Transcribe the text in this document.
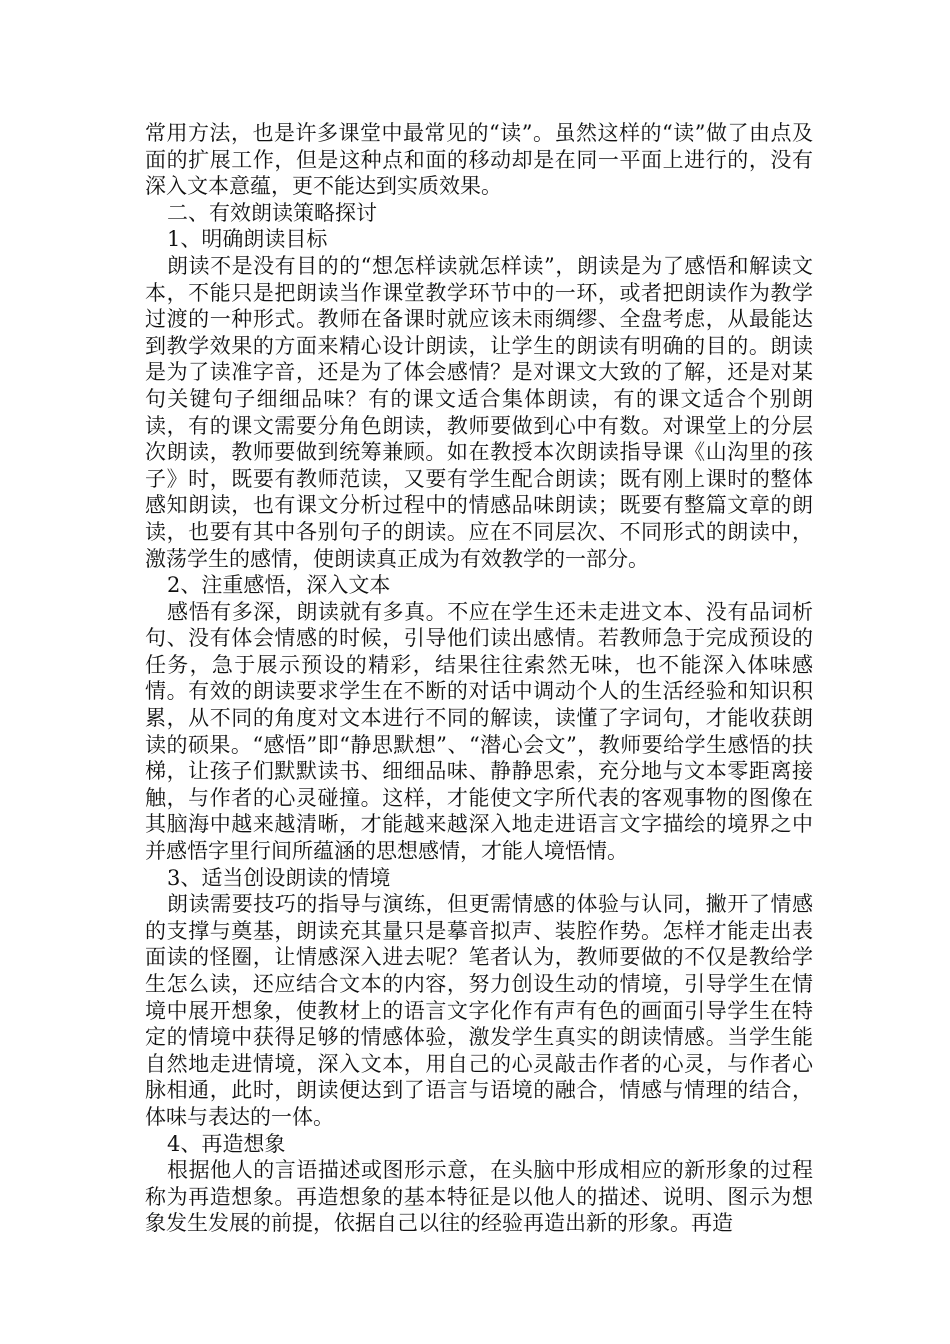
常用方法，也是许多课堂中最常见的“读”。虽然这样的“读”做了由点及面的扩展工作，但是这种点和面的移动却是在同一平面上进行的，没有深入文本意蕴，更不能达到实质效果。

二、有效朗读策略探讨

1、明确朗读目标

朗读不是没有目的的“想怎样读就怎样读”，朗读是为了感悟和解读文本，不能只是把朗读当作课堂教学环节中的一环，或者把朗读作为教学过渡的一种形式。教师在备课时就应该未雨绸缪、全盘考虑，从最能达到教学效果的方面来精心设计朗读，让学生的朗读有明确的目的。朗读是为了读准字音，还是为了体会感情？是对课文大致的了解，还是对某句关键句子细细品味？有的课文适合集体朗读，有的课文适合个别朗读，有的课文需要分角色朗读，教师要做到心中有数。对课堂上的分层次朗读，教师要做到统筹兼顾。如在教授本次朗读指导课《山沟里的孩子》时，既要有教师范读，又要有学生配合朗读；既有刚上课时的整体感知朗读，也有课文分析过程中的情感品味朗读；既要有整篇文章的朗读，也要有其中各别句子的朗读。应在不同层次、不同形式的朗读中，激荡学生的感情，使朗读真正成为有效教学的一部分。

2、注重感悟，深入文本

感悟有多深，朗读就有多真。不应在学生还未走进文本、没有品词析句、没有体会情感的时候，引导他们读出感情。若教师急于完成预设的任务，急于展示预设的精彩，结果往往索然无味，也不能深入体味感情。有效的朗读要求学生在不断的对话中调动个人的生活经验和知识积累，从不同的角度对文本进行不同的解读，读懂了字词句，才能收获朗读的硕果。“感悟”即“静思默想”、“潜心会文”，教师要给学生感悟的扶梯，让孩子们默默读书、细细品味、静静思索，充分地与文本零距离接触，与作者的心灵碰撞。这样，才能使文字所代表的客观事物的图像在其脑海中越来越清晰，才能越来越深入地走进语言文字描绘的境界之中并感悟字里行间所蕴涵的思想感情，才能人境悟情。

3、适当创设朗读的情境

朗读需要技巧的指导与演练，但更需情感的体验与认同，撇开了情感的支撑与奠基，朗读充其量只是摹音拟声、装腔作势。怎样才能走出表面读的怪圈，让情感深入进去呢？笔者认为，教师要做的不仅是教给学生怎么读，还应结合文本的内容，努力创设生动的情境，引导学生在情境中展开想象，使教材上的语言文字化作有声有色的画面引导学生在特定的情境中获得足够的情感体验，激发学生真实的朗读情感。当学生能自然地走进情境，深入文本，用自己的心灵敲击作者的心灵，与作者心脉相通，此时，朗读便达到了语言与语境的融合，情感与情理的结合，体味与表达的一体。

4、再造想象

根据他人的言语描述或图形示意，在头脑中形成相应的新形象的过程称为再造想象。再造想象的基本特征是以他人的描述、说明、图示为想象发生发展的前提，依据自己以往的经验再造出新的形象。再造
